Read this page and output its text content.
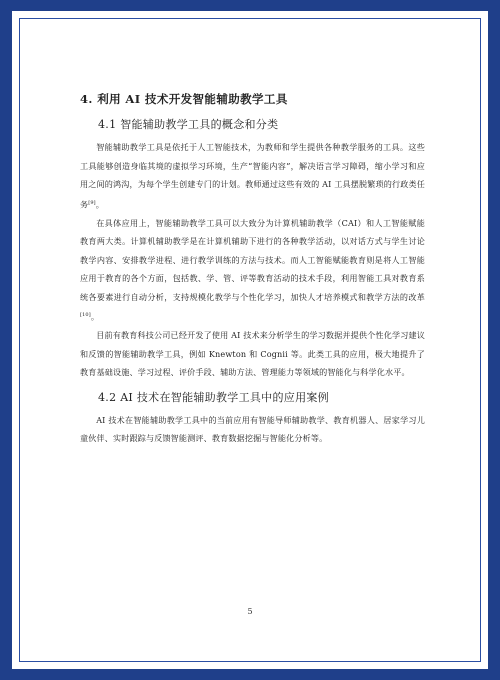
4. 利用 AI 技术开发智能辅助教学工具
4.1 智能辅助教学工具的概念和分类

智能辅助教学工具是依托于人工智能技术，为教师和学生提供各种教学服务的工具。这些工具能够创造身临其境的虚拟学习环境，生产“智能内容”，解决语言学习障碍，缩小学习和应用之间的鸿沟，为每个学生创建专门的计划。教师通过这些有效的 AI 工具摆脱繁琐的行政类任务[9]。

在具体应用上，智能辅助教学工具可以大致分为计算机辅助教学（CAI）和人工智能赋能教育两大类。计算机辅助教学是在计算机辅助下进行的各种教学活动，以对话方式与学生讨论教学内容、安排教学进程、进行教学训练的方法与技术。而人工智能赋能教育则是将人工智能应用于教育的各个方面，包括教、学、管、评等教育活动的技术手段，利用智能工具对教育系统各要素进行自动分析，支持规模化教学与个性化学习，加快人才培养模式和教学方法的改革[10]。

目前有教育科技公司已经开发了使用 AI 技术来分析学生的学习数据并提供个性化学习建议和反馈的智能辅助教学工具，例如 Knewton 和 Cognii 等。此类工具的应用，极大地提升了教育基础设施、学习过程、评价手段、辅助方法、管理能力等领域的智能化与科学化水平。

4.2 AI 技术在智能辅助教学工具中的应用案例

AI 技术在智能辅助教学工具中的当前应用有智能导师辅助教学、教育机器人、居家学习儿童伙伴、实时跟踪与反馈智能测评、教育数据挖掘与智能化分析等。

5
